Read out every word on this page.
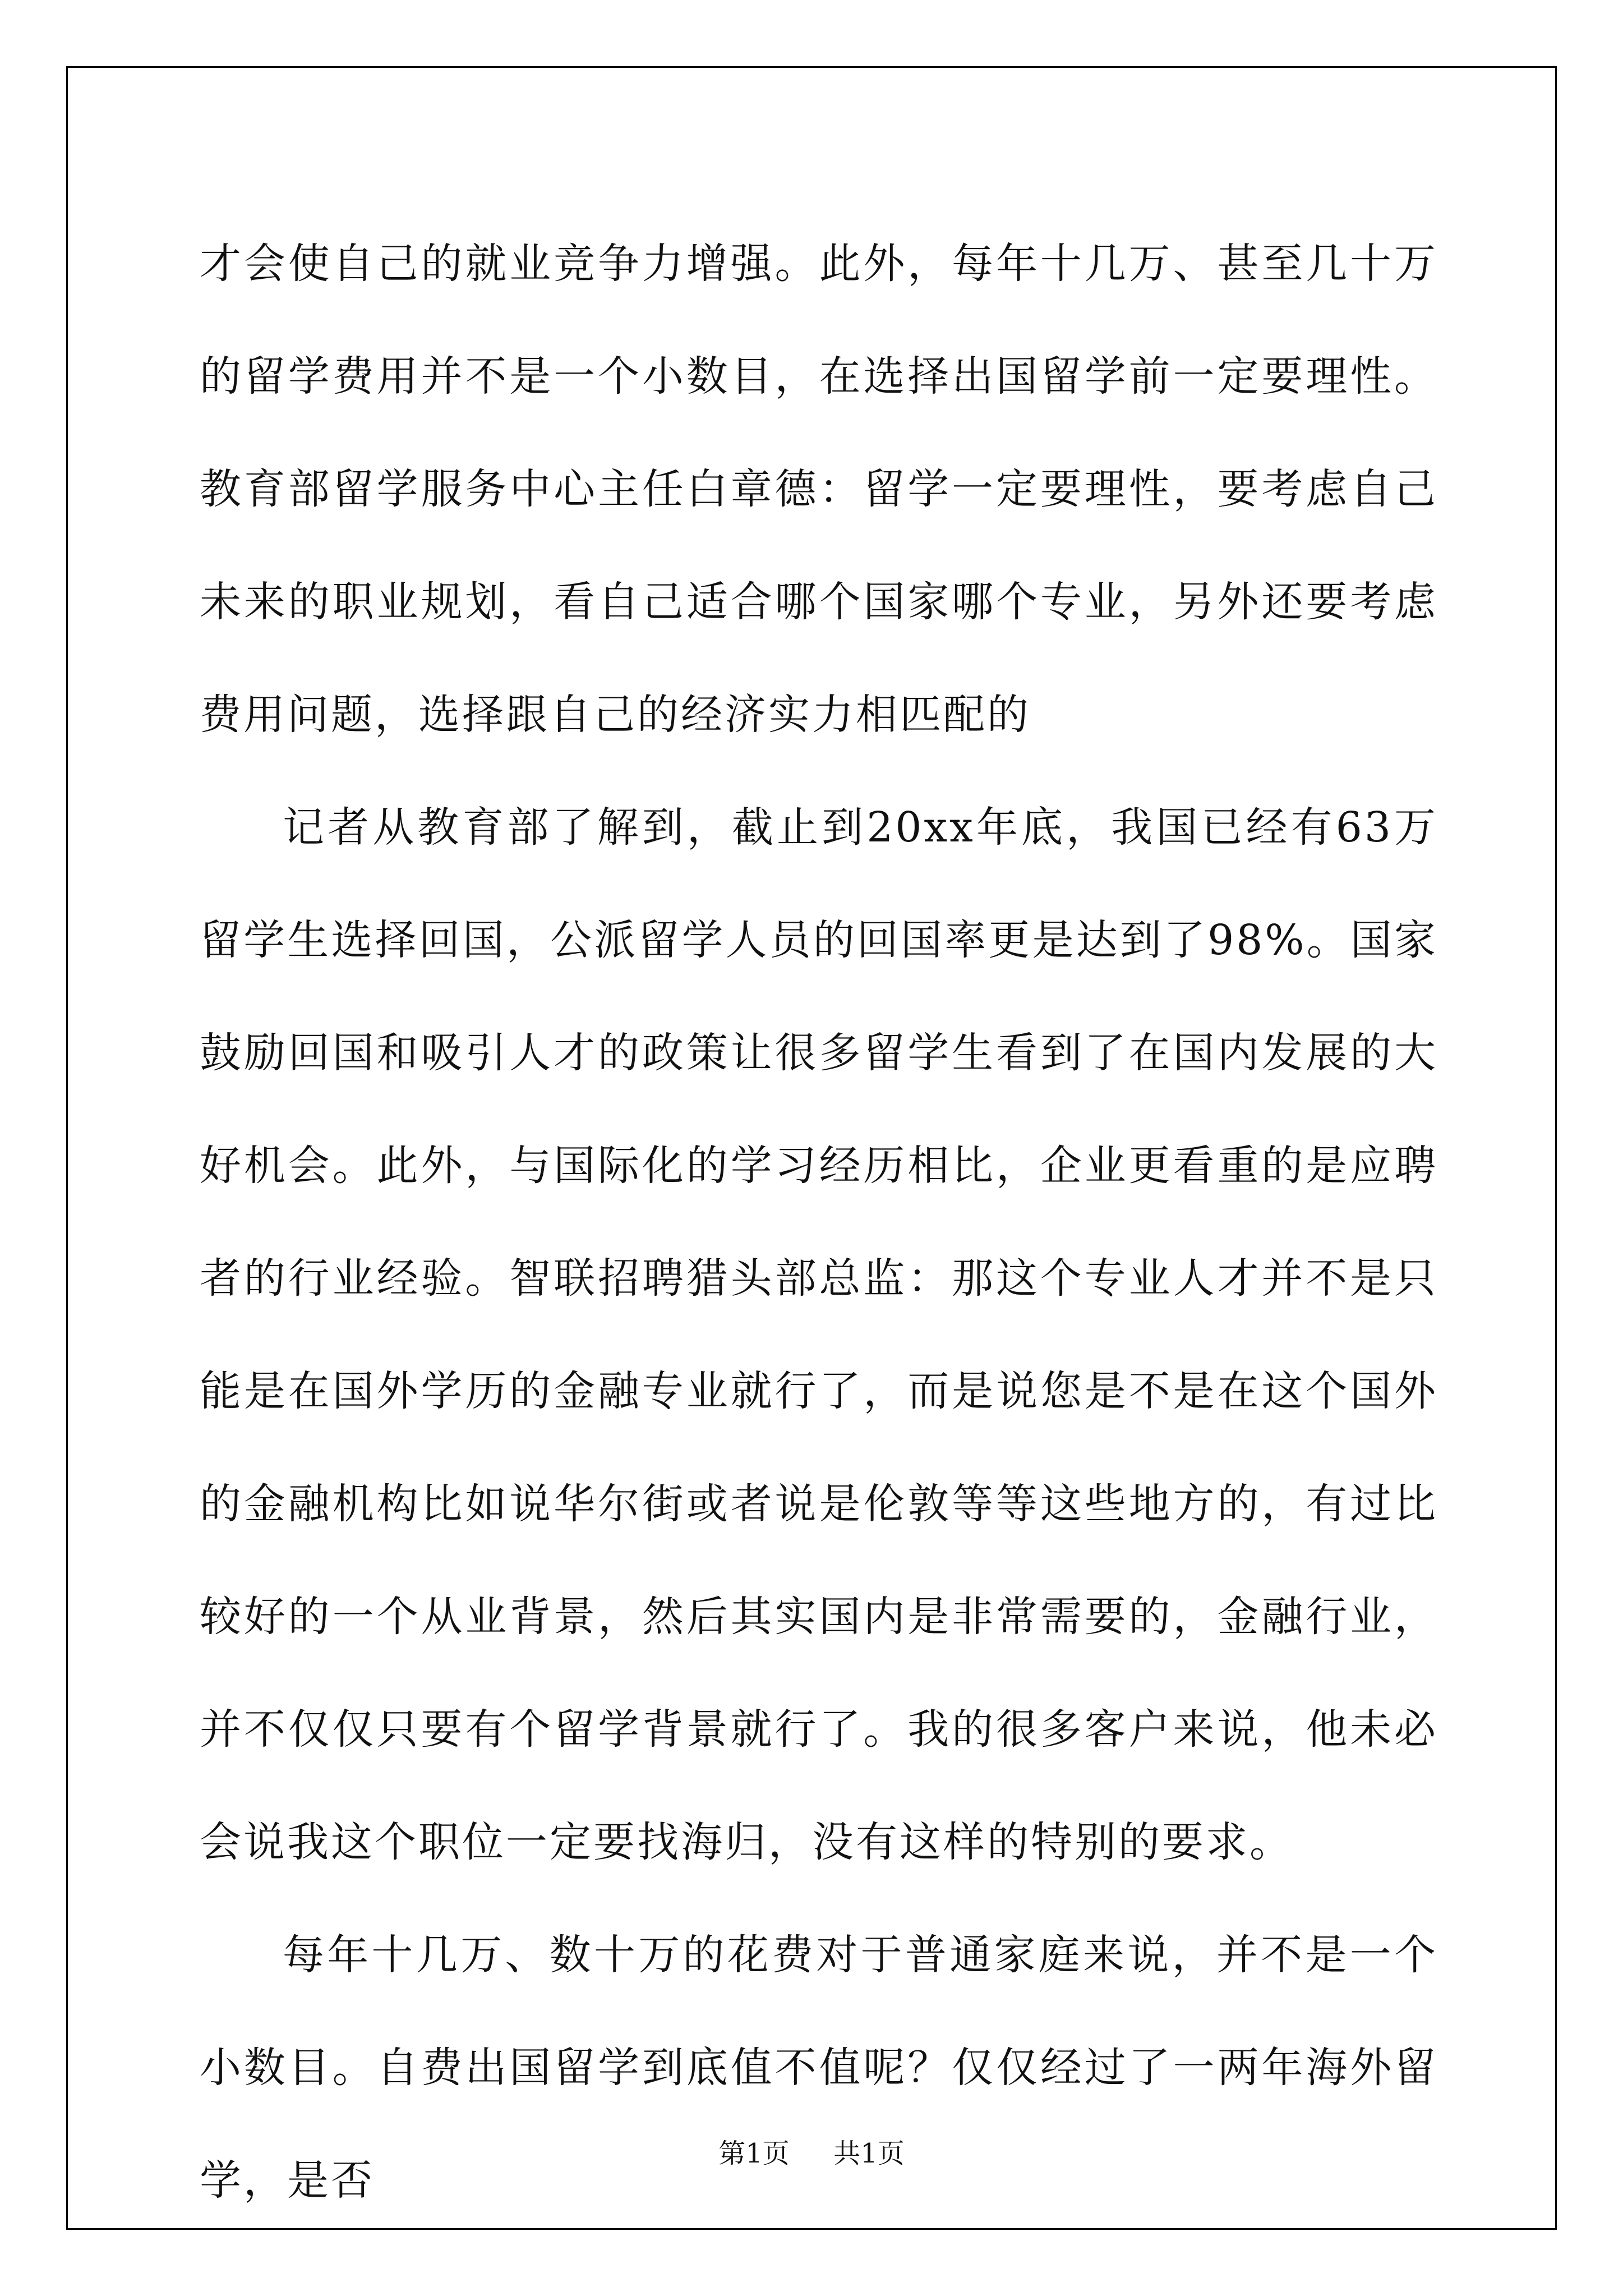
才会使自己的就业竞争力增强。此外，每年十几万、甚至几十万的留学费用并不是一个小数目，在选择出国留学前一定要理性。教育部留学服务中心主任白章德：留学一定要理性，要考虑自己未来的职业规划，看自己适合哪个国家哪个专业，另外还要考虑费用问题，选择跟自己的经济实力相匹配的

记者从教育部了解到，截止到20xx年底，我国已经有63万留学生选择回国，公派留学人员的回国率更是达到了98%。国家鼓励回国和吸引人才的政策让很多留学生看到了在国内发展的大好机会。此外，与国际化的学习经历相比，企业更看重的是应聘者的行业经验。智联招聘猎头部总监：那这个专业人才并不是只能是在国外学历的金融专业就行了，而是说您是不是在这个国外的金融机构比如说华尔街或者说是伦敦等等这些地方的，有过比较好的一个从业背景，然后其实国内是非常需要的，金融行业，并不仅仅只要有个留学背景就行了。我的很多客户来说，他未必会说我这个职位一定要找海归，没有这样的特别的要求。

每年十几万、数十万的花费对于普通家庭来说，并不是一个小数目。自费出国留学到底值不值呢？仅仅经过了一两年海外留学，是否

第1页 共1页
